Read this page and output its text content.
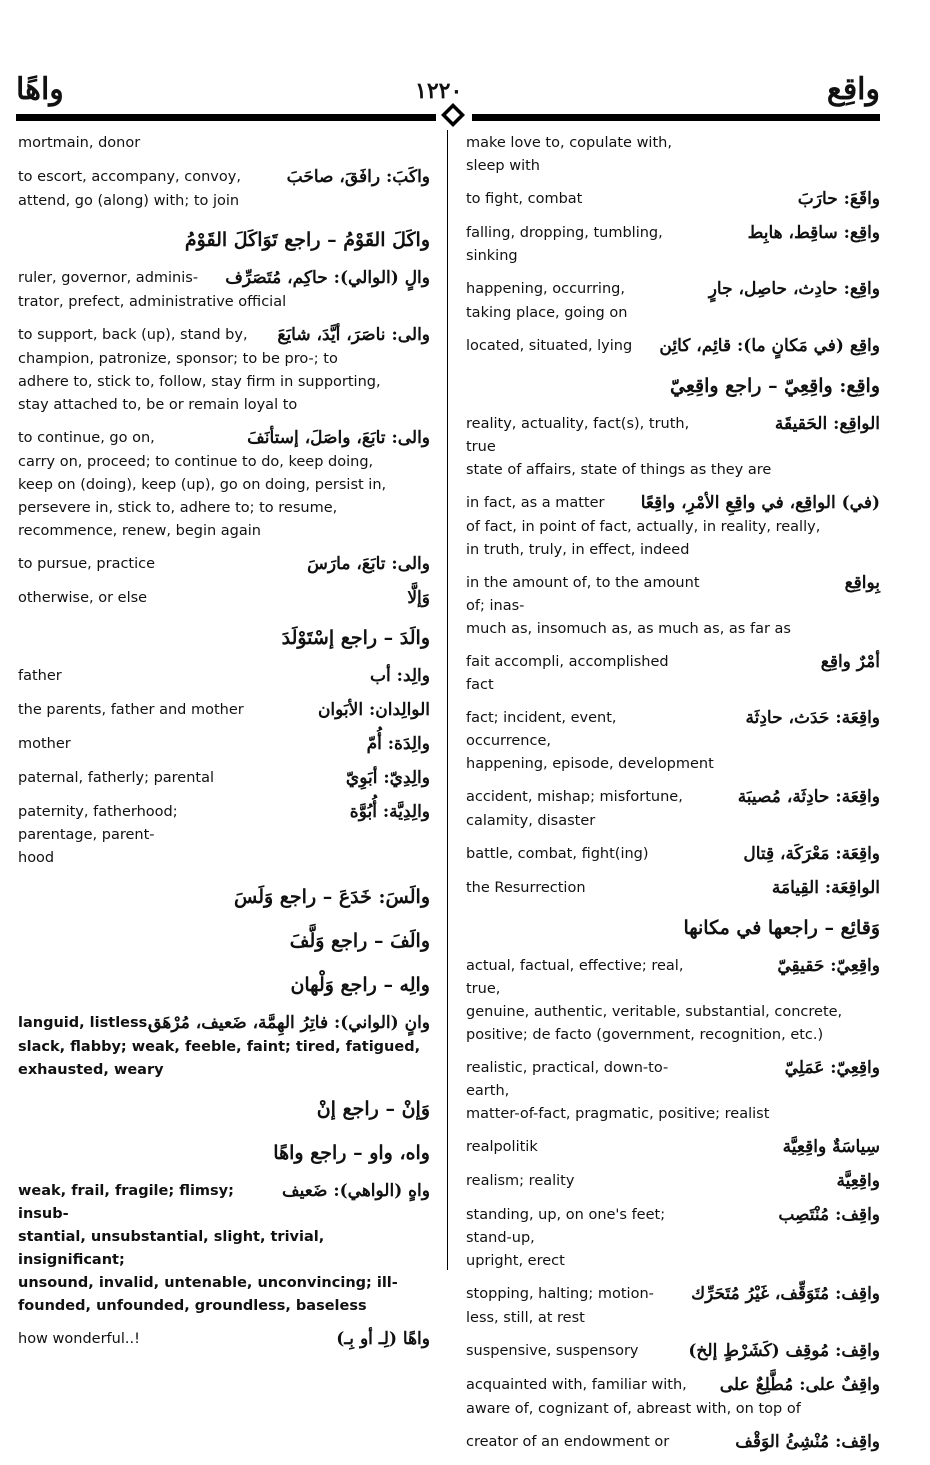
واهًا	١٢٢٠	واقِع
mortmain, donor
to escort, accompany, convoy,	واكَبَ: رافَقَ، صاحَبَ
attend, go (along) with; to join
واكَلَ القَوْمُ – راجع تَوَاكَلَ القَوْمُ
ruler, governor, adminis-	والٍ (الوالي): حاكِم، مُتَصَرِّف
trator, prefect, administrative official
to support, back (up), stand by,	والى: ناصَرَ، أيَّدَ، شايَعَ
champion, patronize, sponsor; to be pro-; to
adhere to, stick to, follow, stay firm in supporting,
stay attached to, be or remain loyal to
to continue, go on,	والى: تابَعَ، واصَلَ، إستأنَفَ
carry on, proceed; to continue to do, keep doing,
keep on (doing), keep (up), go on doing, persist in,
persevere in, stick to, adhere to; to resume,
recommence, renew, begin again
to pursue, practice	والى: تابَعَ، مارَسَ
otherwise, or else	وَإلَّا
والَدَ – راجع إسْتَوْلَدَ
father	والِد: أب
the parents, father and mother	الوالِدان: الأبَوان
mother	والِدَة: أُمّ
paternal, fatherly; parental	والِدِيّ: أبَوِيّ
paternity, fatherhood; parentage, parent-
والِدِيَّة: أُبُوَّة
hood
والَسَ: خَدَعَ – راجع وَلَسَ
والَفَ – راجع وَلَّفَ
والِه – راجع وَلْهان
languid, listless,
وانٍ (الواني): فاتِرُ الهِمَّة، ضَعيف، مُرْهَق
slack, flabby; weak, feeble, faint; tired, fatigued,
exhausted, weary
وَإنْ – راجع إنْ
واه، واو – راجع واهًا
weak, frail, fragile; flimsy; insub-
واهٍ (الواهي): ضَعيف
stantial, unsubstantial, slight, trivial, insignificant;
unsound, invalid, untenable, unconvincing; ill-
founded, unfounded, groundless, baseless
how wonderful..!	واهًا (لِـ أو بِـ)
make love to, copulate with, sleep with
to fight, combat	واقَعَ: حارَبَ
falling, dropping, tumbling, sinking
واقِع: ساقِط، هابِط
happening, occurring,	واقِع: حادِث، حاصِل، جارٍ
taking place, going on
located, situated, lying	واقِع (في مَكانٍ ما): قائِم، كائِن
واقِع: واقِعِيّ – راجع واقِعِيّ
reality, actuality, fact(s), truth, true
الواقِع: الحَقيقَة
state of affairs, state of things as they are
in fact, as a matter	(في) الواقِع، في واقِعِ الأمْرِ، واقِعًا
of fact, in point of fact, actually, in reality, really,
in truth, truly, in effect, indeed
in the amount of, to the amount of; inas-
بِواقِع
much as, insomuch as, as much as, as far as
fait accompli, accomplished fact
أمْرٌ واقِع
fact; incident, event, occurrence,
واقِعَة: حَدَث، حادِثَة
happening, episode, development
accident, mishap; misfortune,	واقِعَة: حادِثَة، مُصيبَة
calamity, disaster
battle, combat, fight(ing)	واقِعَة: مَعْرَكَة، قِتال
the Resurrection	الواقِعَة: القِيامَة
وَقائِع – راجعها في مكانها
actual, factual, effective; real, true,
واقِعِيّ: حَقيقِيّ
genuine, authentic, veritable, substantial, concrete,
positive; de facto (government, recognition, etc.)
realistic, practical, down-to-earth,
واقِعِيّ: عَمَلِيّ
matter-of-fact, pragmatic, positive; realist
realpolitik	سِياسَةٌ واقِعِيَّة
realism; reality	واقِعِيَّة
standing, up, on one's feet; stand-up,
واقِف: مُنْتَصِب
upright, erect
stopping, halting; motion-	واقِف: مُتَوَقِّف، غَيْرُ مُتَحَرِّك
less, still, at rest
suspensive, suspensory	واقِف: مُوقِف (كَشَرْطٍ إلخ)
acquainted with, familiar with,	واقِفٌ على: مُطَّلِعٌ على
aware of, cognizant of, abreast with, on top of
creator of an endowment or	واقِف: مُنْشِئُ الوَقْف
